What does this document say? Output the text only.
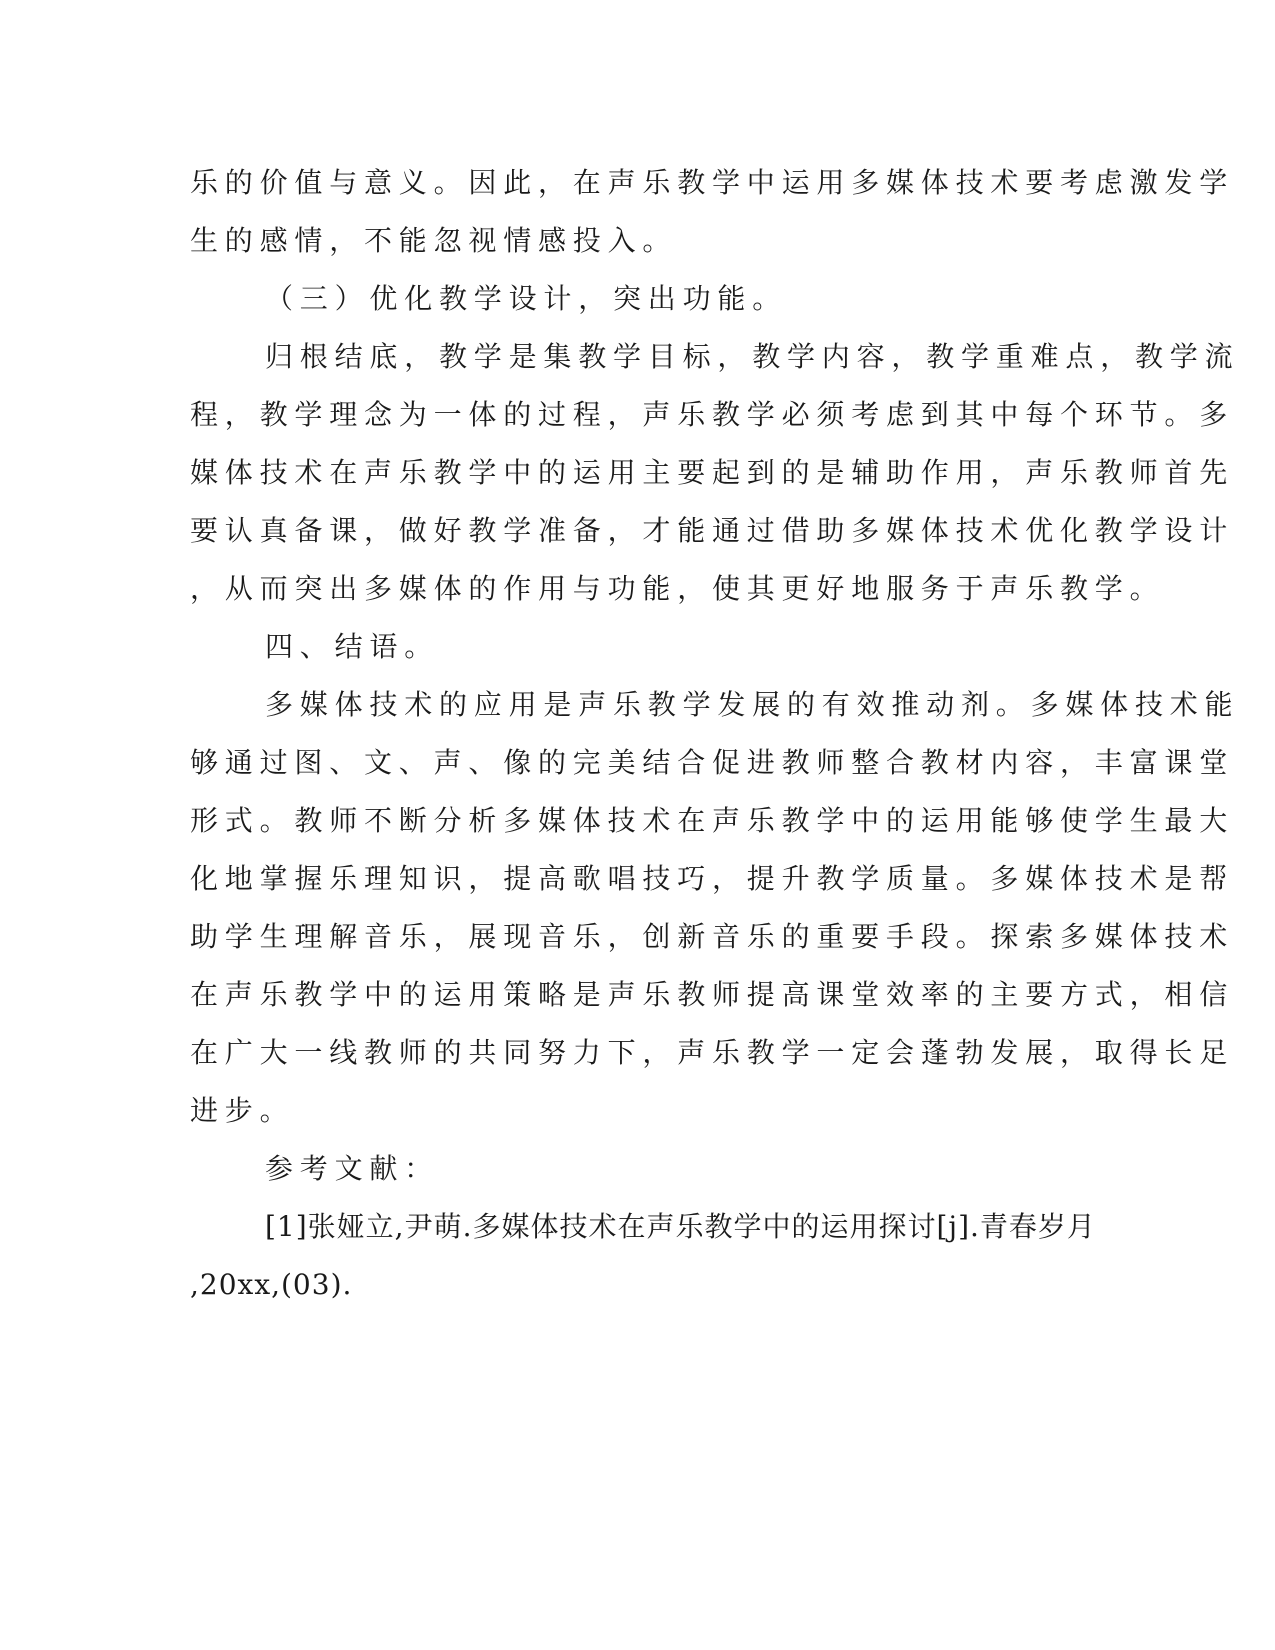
乐的价值与意义。因此，在声乐教学中运用多媒体技术要考虑激发学
生的感情，不能忽视情感投入。
（三）优化教学设计，突出功能。
归根结底，教学是集教学目标，教学内容，教学重难点，教学流
程，教学理念为一体的过程，声乐教学必须考虑到其中每个环节。多
媒体技术在声乐教学中的运用主要起到的是辅助作用，声乐教师首先
要认真备课，做好教学准备，才能通过借助多媒体技术优化教学设计
，从而突出多媒体的作用与功能，使其更好地服务于声乐教学。
四、结语。
多媒体技术的应用是声乐教学发展的有效推动剂。多媒体技术能
够通过图、文、声、像的完美结合促进教师整合教材内容，丰富课堂
形式。教师不断分析多媒体技术在声乐教学中的运用能够使学生最大
化地掌握乐理知识，提高歌唱技巧，提升教学质量。多媒体技术是帮
助学生理解音乐，展现音乐，创新音乐的重要手段。探索多媒体技术
在声乐教学中的运用策略是声乐教师提高课堂效率的主要方式，相信
在广大一线教师的共同努力下，声乐教学一定会蓬勃发展，取得长足
进步。
参考文献：
[1]张娅立,尹萌.多媒体技术在声乐教学中的运用探讨[j].青春岁月
,20xx,(03).
